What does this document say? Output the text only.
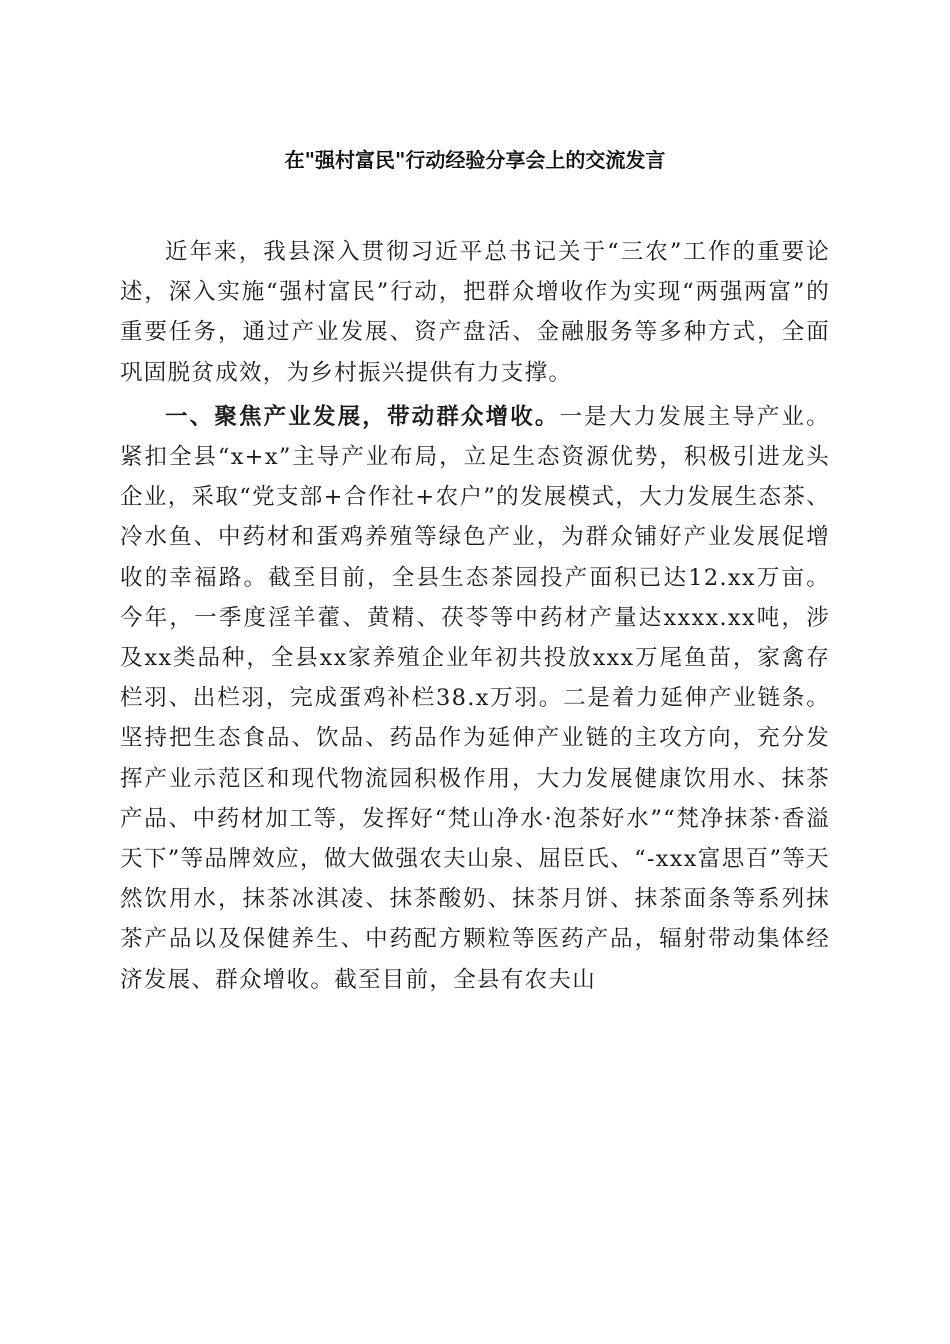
在"强村富民"行动经验分享会上的交流发言

近年来，我县深入贯彻习近平总书记关于“三农”工作的重要论述，深入实施“强村富民”行动，把群众增收作为实现“两强两富”的重要任务，通过产业发展、资产盘活、金融服务等多种方式，全面巩固脱贫成效，为乡村振兴提供有力支撑。

一、聚焦产业发展，带动群众增收。一是大力发展主导产业。紧扣全县“x+x”主导产业布局，立足生态资源优势，积极引进龙头企业，采取“党支部+合作社+农户”的发展模式，大力发展生态茶、冷水鱼、中药材和蛋鸡养殖等绿色产业，为群众铺好产业发展促增收的幸福路。截至目前，全县生态茶园投产面积已达12.xx万亩。今年，一季度淫羊藿、黄精、茯苓等中药材产量达xxxx.xx吨，涉及xx类品种，全县xx家养殖企业年初共投放xxx万尾鱼苗，家禽存栏羽、出栏羽，完成蛋鸡补栏38.x万羽。二是着力延伸产业链条。坚持把生态食品、饮品、药品作为延伸产业链的主攻方向，充分发挥产业示范区和现代物流园积极作用，大力发展健康饮用水、抹茶产品、中药材加工等，发挥好“梵山净水·泡茶好水”“梵净抹茶·香溢天下”等品牌效应，做大做强农夫山泉、屈臣氏、“-xxx富思百”等天然饮用水，抹茶冰淇凌、抹茶酸奶、抹茶月饼、抹茶面条等系列抹茶产品以及保健养生、中药配方颗粒等医药产品，辐射带动集体经济发展、群众增收。截至目前，全县有农夫山
